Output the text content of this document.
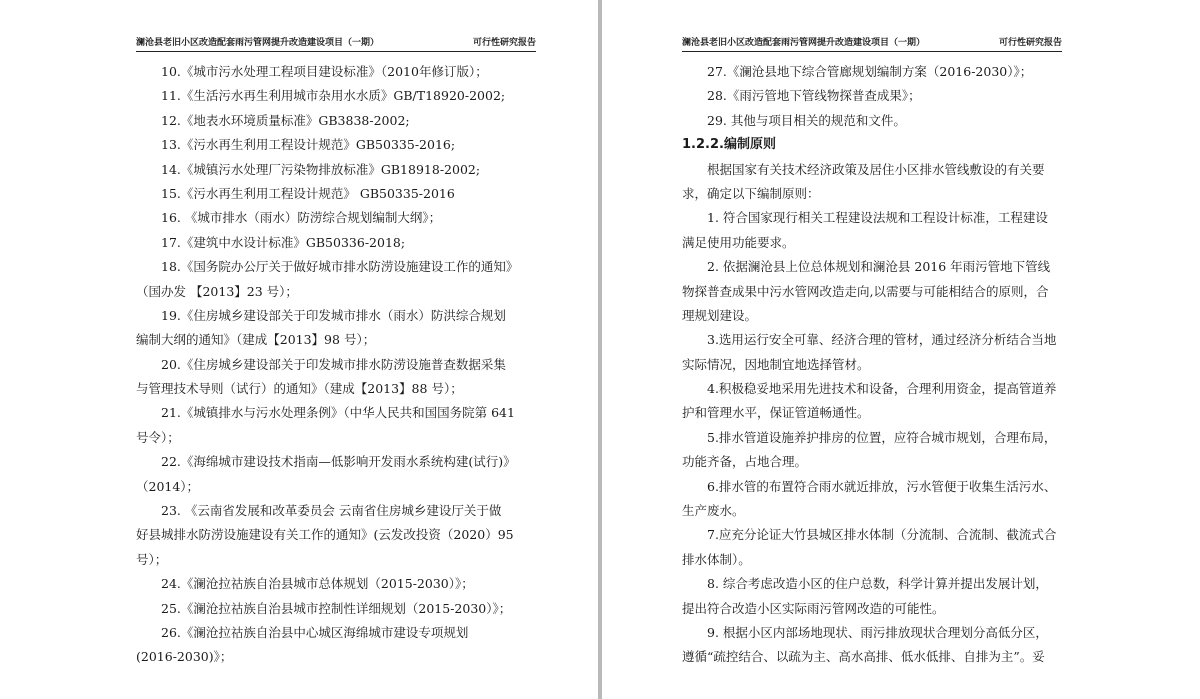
澜沧县老旧小区改造配套雨污管网提升改造建设项目（一期）	可行性研究报告
10.《城市污水处理工程项目建设标准》（2010年修订版）；
11.《生活污水再生利用城市杂用水水质》GB/T18920-2002;
12.《地表水环境质量标准》GB3838-2002;
13.《污水再生利用工程设计规范》GB50335-2016;
14.《城镇污水处理厂污染物排放标准》GB18918-2002;
15.《污水再生利用工程设计规范》 GB50335-2016
16. 《城市排水（雨水）防涝综合规划编制大纲》；
17.《建筑中水设计标准》GB50336-2018;
18.《国务院办公厅关于做好城市排水防涝设施建设工作的通知》
（国办发 【2013】23 号）；
19.《住房城乡建设部关于印发城市排水（雨水）防洪综合规划
编制大纲的通知》（建成【2013】98 号）；
20.《住房城乡建设部关于印发城市排水防涝设施普查数据采集
与管理技术导则（试行）的通知》（建成【2013】88 号）；
21.《城镇排水与污水处理条例》（中华人民共和国国务院第 641
号令）；
22.《海绵城市建设技术指南—低影响开发雨水系统构建(试行)》
（2014）；
23. 《云南省发展和改革委员会 云南省住房城乡建设厅关于做
好县城排水防涝设施建设有关工作的通知》(云发改投资（2020）95
号）；
24.《澜沧拉祜族自治县城市总体规划（2015-2030）》；
25.《澜沧拉祜族自治县城市控制性详细规划（2015-2030）》；
26.《澜沧拉祜族自治县中心城区海绵城市建设专项规划
(2016-2030)》；
澜沧县老旧小区改造配套雨污管网提升改造建设项目（一期）	可行性研究报告
27.《澜沧县地下综合管廊规划编制方案（2016-2030）》；
28.《雨污管地下管线物探普查成果》；
29. 其他与项目相关的规范和文件。
1.2.2.编制原则
根据国家有关技术经济政策及居住小区排水管线敷设的有关要
求，确定以下编制原则：
1. 符合国家现行相关工程建设法规和工程设计标准，工程建设
满足使用功能要求。
2. 依据澜沧县上位总体规划和澜沧县 2016 年雨污管地下管线
物探普查成果中污水管网改造走向,以需要与可能相结合的原则，合
理规划建设。
3.选用运行安全可靠、经济合理的管材，通过经济分析结合当地
实际情况，因地制宜地选择管材。
4.积极稳妥地采用先进技术和设备，合理利用资金，提高管道养
护和管理水平，保证管道畅通性。
5.排水管道设施养护排房的位置，应符合城市规划，合理布局，
功能齐备，占地合理。
6.排水管的布置符合雨水就近排放，污水管便于收集生活污水、
生产废水。
7.应充分论证大竹县城区排水体制（分流制、合流制、截流式合
排水体制）。
8. 综合考虑改造小区的住户总数，科学计算并提出发展计划，
提出符合改造小区实际雨污管网改造的可能性。
9. 根据小区内部场地现状、雨污排放现状合理划分高低分区，
遵循“疏控结合、以疏为主、高水高排、低水低排、自排为主”。妥
